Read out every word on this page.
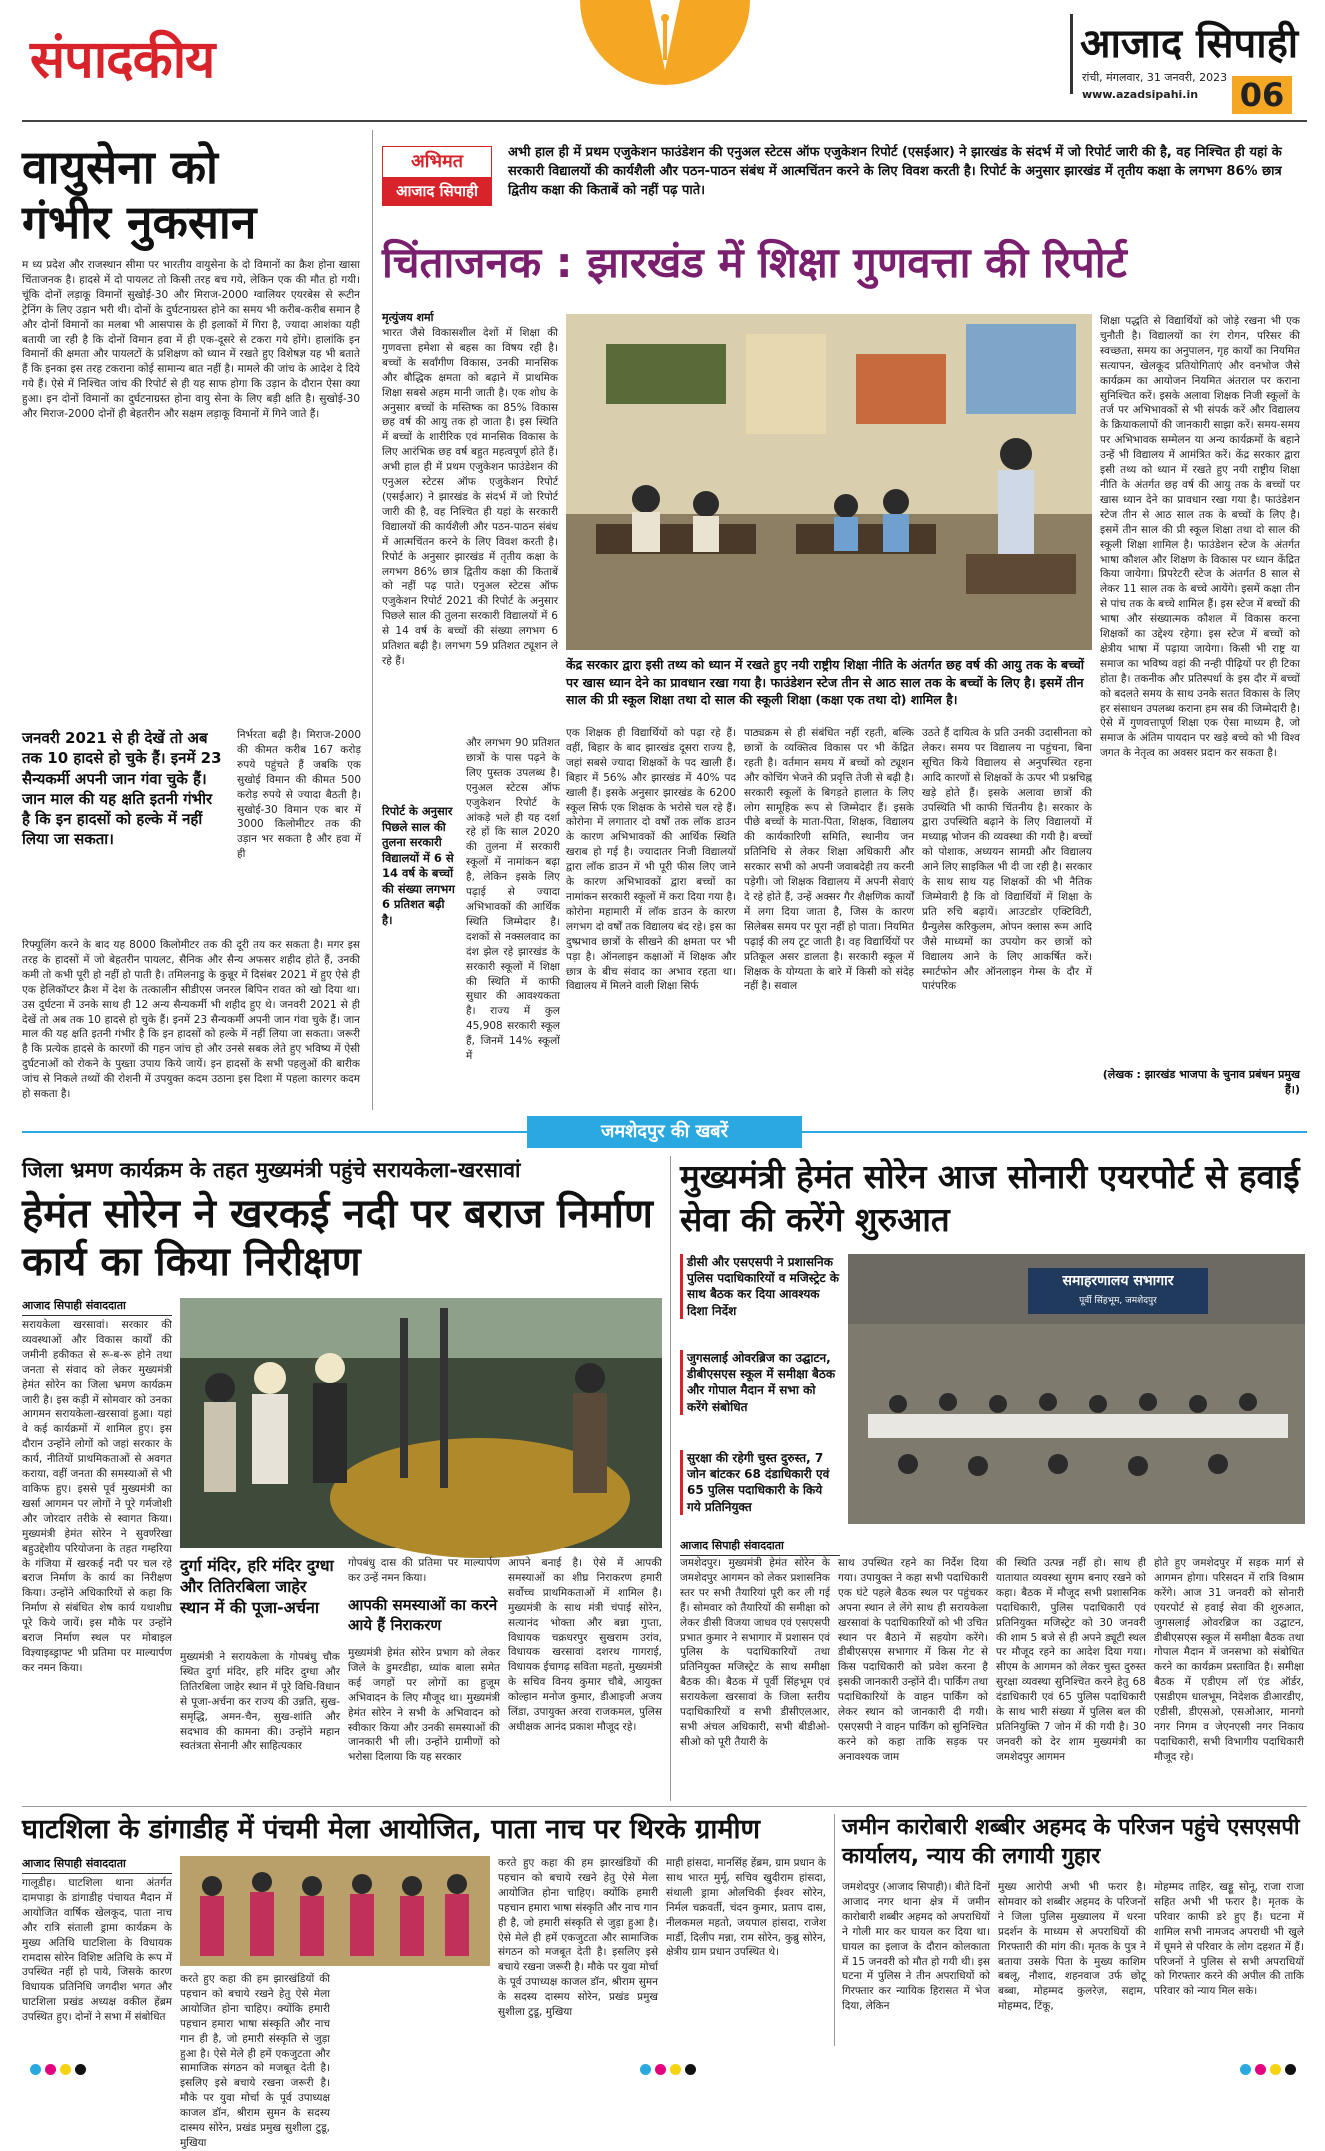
संपादकीय	आजाद सिपाही
रांची, मंगलवार, 31 जनवरी, 2023
www.azadsipahi.in 06
वायुसेना को गंभीर नुकसान
म ध्य प्रदेश और राजस्थान सीमा पर भारतीय वायुसेना के दो विमानों का क्रैश होना खासा चिंताजनक है। हादसे में दो पायलट तो किसी तरह बच गये, लेकिन एक की मौत हो गयी। चूंकि दोनों लड़ाकू विमानों सुखोई-30 और मिराज-2000 ग्वालियर एयरबेस से रूटीन ट्रेनिंग के लिए उड़ान भरी थी। दोनों के दुर्घटनाग्रस्त होने का समय भी करीब-करीब समान है और दोनों विमानों का मलबा भी आसपास के ही इलाकों में गिरा है, ज्यादा आशंका यही बतायी जा रही है कि दोनों विमान हवा में ही एक-दूसरे से टकरा गये होंगे। हालांकि इन विमानों की क्षमता और पायलटों के प्रशिक्षण को ध्यान में रखते हुए विशेषज्ञ यह भी बताते हैं कि इनका इस तरह टकराना कोई सामान्य बात नहीं है। मामले की जांच के आदेश दे दिये गये हैं। ऐसे में निश्चित जांच की रिपोर्ट से ही यह साफ होगा कि उड़ान के दौरान ऐसा क्या हुआ। इन दोनों विमानों का दुर्घटनाग्रस्त होना वायु सेना के लिए बड़ी क्षति है। सुखोई-30 और मिराज-2000 दोनों ही बेहतरीन और सक्षम लड़ाकू विमानों में गिने जाते हैं।
जनवरी 2021 से ही देखें तो अब तक 10 हादसे हो चुके हैं। इनमें 23 सैन्यकर्मी अपनी जान गंवा चुके हैं। जान माल की यह क्षति इतनी गंभीर है कि इन हादसों को हल्के में नहीं लिया जा सकता।
निर्भरता बढ़ी है। मिराज-2000 की कीमत करीब 167 करोड़ रुपये पहुंचते हैं जबकि एक सुखोई विमान की कीमत 500 करोड़ रुपये से ज्यादा बैठती है। सुखोई-30 विमान एक बार में 3000 किलोमीटर तक की उड़ान भर सकता है और हवा में ही
रिफ्यूलिंग करने के बाद यह 8000 किलोमीटर तक की दूरी तय कर सकता है। मगर इस तरह के हादसों में जो बेहतरीन पायलट, सैनिक और सैन्य अफसर शहीद होते हैं, उनकी कमी तो कभी पूरी हो नहीं हो पाती है। तमिलनाडु के कुन्नूर में दिसंबर 2021 में हुए ऐसे ही एक हेलिकॉप्टर क्रैश में देश के तत्कालीन सीडीएस जनरल बिपिन रावत को खो दिया था। उस दुर्घटना में उनके साथ ही 12 अन्य सैन्यकर्मी भी शहीद हुए थे। जनवरी 2021 से ही देखें तो अब तक 10 हादसे हो चुके हैं। इनमें 23 सैन्यकर्मी अपनी जान गंवा चुके हैं। जान माल की यह क्षति इतनी गंभीर है कि इन हादसों को हल्के में नहीं लिया जा सकता। जरूरी है कि प्रत्येक हादसे के कारणों की गहन जांच हो और उनसे सबक लेते हुए भविष्य में ऐसी दुर्घटनाओं को रोकने के पुख्ता उपाय किये जायें। इन हादसों के सभी पहलुओं की बारीक जांच से निकले तथ्यों की रोशनी में उपयुक्त कदम उठाना इस दिशा में पहला कारगर कदम हो सकता है।
अभिमत
आजाद सिपाही
अभी हाल ही में प्रथम एजुकेशन फाउंडेशन की एनुअल स्टेटस ऑफ एजुकेशन रिपोर्ट (एसईआर) ने झारखंड के संदर्भ में जो रिपोर्ट जारी की है, वह निश्चित ही यहां के सरकारी विद्यालयों की कार्यशैली और पठन-पाठन संबंध में आत्मचिंतन करने के लिए विवश करती है। रिपोर्ट के अनुसार झारखंड में तृतीय कक्षा के लगभग 86% छात्र द्वितीय कक्षा की किताबें को नहीं पढ़ पाते।
चिंताजनक : झारखंड में शिक्षा गुणवत्ता की रिपोर्ट
मृत्युंजय शर्मा
भारत जैसे विकासशील देशों में शिक्षा की गुणवत्ता हमेशा से बहस का विषय रही है। बच्चों के सर्वांगीण विकास, उनकी मानसिक और बौद्धिक क्षमता को बढ़ाने में प्राथमिक शिक्षा सबसे अहम मानी जाती है। एक शोध के अनुसार बच्चों के मस्तिष्क का 85% विकास छह वर्ष की आयु तक हो जाता है। इस स्थिति में बच्चों के शारीरिक एवं मानसिक विकास के लिए आरंभिक छह वर्ष बहुत महत्वपूर्ण होते हैं। अभी हाल ही में प्रथम एजुकेशन फाउंडेशन की एनुअल स्टेटस ऑफ एजुकेशन रिपोर्ट (एसईआर) ने झारखंड के संदर्भ में जो रिपोर्ट जारी की है, वह निश्चित ही यहां के सरकारी विद्यालयों की कार्यशैली और पठन-पाठन संबंध में आत्मचिंतन करने के लिए विवश करती है। रिपोर्ट के अनुसार झारखंड में तृतीय कक्षा के लगभग 86% छात्र द्वितीय कक्षा की किताबें को नहीं पढ़ पाते। एनुअल स्टेटस ऑफ एजुकेशन रिपोर्ट 2021 की रिपोर्ट के अनुसार पिछले साल की तुलना सरकारी विद्यालयों में 6 से 14 वर्ष के बच्चों की संख्या लगभग 6 प्रतिशत बढ़ी है। लगभग 59 प्रतिशत ट्यूशन ले रहे हैं।	केंद्र सरकार द्वारा इसी तथ्य को ध्यान में रखते हुए नयी राष्ट्रीय शिक्षा नीति के अंतर्गत छह वर्ष की आयु तक के बच्चों पर खास ध्यान देने का प्रावधान रखा गया है। फाउंडेशन स्टेज तीन से आठ साल तक के बच्चों के लिए है। इसमें तीन साल की प्री स्कूल शिक्षा तथा दो साल की स्कूली शिक्षा (कक्षा एक तथा दो) शामिल है।
शिक्षा पद्धति से विद्यार्थियों को जोड़े रखना भी एक चुनौती है। विद्यालयों का रंग रोगन, परिसर की स्वच्छता, समय का अनुपालन, गृह कार्यों का नियमित सत्यापन, खेलकूद प्रतियोगिताएं और वनभोज जैसे कार्यक्रम का आयोजन नियमित अंतराल पर कराना सुनिश्चित करें। इसके अलावा शिक्षक निजी स्कूलों के तर्ज पर अभिभावकों से भी संपर्क करें और विद्यालय के क्रियाकलापों की जानकारी साझा करें। समय-समय पर अभिभावक सम्मेलन या अन्य कार्यक्रमों के बहाने उन्हें भी विद्यालय में आमंत्रित करें। केंद्र सरकार द्वारा इसी तथ्य को ध्यान में रखते हुए नयी राष्ट्रीय शिक्षा नीति के अंतर्गत छह वर्ष की आयु तक के बच्चों पर खास ध्यान देने का प्रावधान रखा गया है। फाउंडेशन स्टेज तीन से आठ साल तक के बच्चों के लिए है। इसमें तीन साल की प्री स्कूल शिक्षा तथा दो साल की स्कूली शिक्षा शामिल है। फाउंडेशन स्टेज के अंतर्गत भाषा कौशल और शिक्षण के विकास पर ध्यान केंद्रित किया जायेगा। प्रिपरेटरी स्टेज के अंतर्गत 8 साल से लेकर 11 साल तक के बच्चे आयेंगे। इसमें कक्षा तीन से पांच तक के बच्चे शामिल हैं। इस स्टेज में बच्चों की भाषा और संख्यात्मक कौशल में विकास करना शिक्षकों का उद्देश्य रहेगा। इस स्टेज में बच्चों को क्षेत्रीय भाषा में पढ़ाया जायेगा। किसी भी राष्ट्र या समाज का भविष्य वहां की नन्ही पीढ़ियों पर ही टिका होता है। तकनीक और प्रतिस्पर्धा के इस दौर में बच्चों को बदलते समय के साथ उनके सतत विकास के लिए हर संसाधन उपलब्ध कराना हम सब की जिम्मेदारी है। ऐसे में गुणवत्तापूर्ण शिक्षा एक ऐसा माध्यम है, जो समाज के अंतिम पायदान पर खड़े बच्चे को भी विश्व जगत के नेतृत्व का अवसर प्रदान कर सकता है।
(लेखक : झारखंड भाजपा के चुनाव प्रबंधन प्रमुख हैं।)
रिपोर्ट के अनुसार पिछले साल की तुलना सरकारी विद्यालयों में 6 से 14 वर्ष के बच्चों की संख्या लगभग 6 प्रतिशत बढ़ी है।
और लगभग 90 प्रतिशत छात्रों के पास पढ़ने के लिए पुस्तक उपलब्ध है। एनुअल स्टेटस ऑफ एजुकेशन रिपोर्ट के आंकड़े भले ही यह दर्शा रहे हों कि साल 2020 की तुलना में सरकारी स्कूलों में नामांकन बढ़ा है, लेकिन इसके लिए पढ़ाई से ज्यादा अभिभावकों की आर्थिक स्थिति जिम्मेदार है। दशकों से नक्सलवाद का दंश झेल रहे झारखंड के सरकारी स्कूलों में शिक्षा की स्थिति में काफी सुधार की आवश्यकता है। राज्य में कुल 45,908 सरकारी स्कूल हैं, जिनमें 14% स्कूलों में
एक शिक्षक ही विद्यार्थियों को पढ़ा रहे हैं। वहीं, बिहार के बाद झारखंड दूसरा राज्य है, जहां सबसे ज्यादा शिक्षकों के पद खाली हैं। बिहार में 56% और झारखंड में 40% पद खाली हैं। इसके अनुसार झारखंड के 6200 स्कूल सिर्फ एक शिक्षक के भरोसे चल रहे हैं। कोरोना में लगातार दो वर्षों तक लॉक डाउन के कारण अभिभावकों की आर्थिक स्थिति खराब हो गई है। ज्यादातर निजी विद्यालयों द्वारा लॉक डाउन में भी पूरी फीस लिए जाने के कारण अभिभावकों द्वारा बच्चों का नामांकन सरकारी स्कूलों में करा दिया गया है। कोरोना महामारी में लॉक डाउन के कारण लगभग दो वर्षों तक विद्यालय बंद रहे। इस का दुष्प्रभाव छात्रों के सीखने की क्षमता पर भी पड़ा है। ऑनलाइन कक्षाओं में शिक्षक और छात्र के बीच संवाद का अभाव रहता था। विद्यालय में मिलने वाली शिक्षा सिर्फ
पाठ्यक्रम से ही संबंधित नहीं रहती, बल्कि छात्रों के व्यक्तित्व विकास पर भी केंद्रित रहती है। वर्तमान समय में बच्चों को ट्यूशन और कोचिंग भेजने की प्रवृत्ति तेजी से बढ़ी है। सरकारी स्कूलों के बिगड़ते हालात के लिए लोग सामूहिक रूप से जिम्मेदार हैं। इसके पीछे बच्चों के माता-पिता, शिक्षक, विद्यालय की कार्यकारिणी समिति, स्थानीय जन प्रतिनिधि से लेकर शिक्षा अधिकारी और सरकार सभी को अपनी जवाबदेही तय करनी पड़ेगी। जो शिक्षक विद्यालय में अपनी सेवाएं दे रहे होते हैं, उन्हें अक्सर गैर शैक्षणिक कार्यों में लगा दिया जाता है, जिस के कारण सिलेबस समय पर पूरा नहीं हो पाता। नियमित पढ़ाई की लय टूट जाती है। वह विद्यार्थियों पर प्रतिकूल असर डालता है। सरकारी स्कूल में शिक्षक के योग्यता के बारे में किसी को संदेह नहीं है। सवाल
उठते हैं दायित्व के प्रति उनकी उदासीनता को लेकर। समय पर विद्यालय ना पहुंचना, बिना सूचित किये विद्यालय से अनुपस्थित रहना आदि कारणों से शिक्षकों के ऊपर भी प्रश्नचिह्न खड़े होते हैं। इसके अलावा छात्रों की उपस्थिति भी काफी चिंतनीय है। सरकार के द्वारा उपस्थिति बढ़ाने के लिए विद्यालयों में मध्याह्न भोजन की व्यवस्था की गयी है। बच्चों को पोशाक, अध्ययन सामग्री और विद्यालय आने लिए साइकिल भी दी जा रही है। सरकार के साथ साथ यह शिक्षकों की भी नैतिक जिम्मेवारी है कि वो विद्यार्थियों में शिक्षा के प्रति रुचि बढ़ायें। आउटडोर एक्टिविटी, ग्रैन्युलेस करिकुलम, ओपन क्लास रूम आदि जैसे माध्यमों का उपयोग कर छात्रों को विद्यालय आने के लिए आकर्षित करें। स्मार्टफोन और ऑनलाइन गेम्स के दौर में पारंपरिक
जमशेदपुर की खबरें
जिला भ्रमण कार्यक्रम के तहत मुख्यमंत्री पहुंचे सरायकेला-खरसावां
हेमंत सोरेन ने खरकई नदी पर बराज निर्माण कार्य का किया निरीक्षण
आजाद सिपाही संवाददाता
सरायकेला खरसावां। सरकार की व्यवस्थाओं और विकास कार्यों की जमीनी हकीकत से रू-ब-रू होने तथा जनता से संवाद को लेकर मुख्यमंत्री हेमंत सोरेन का जिला भ्रमण कार्यक्रम जारी है। इस कड़ी में सोमवार को उनका आगमन सरायकेला-खरसावां हुआ। यहां वे कई कार्यक्रमों में शामिल हुए। इस दौरान उन्होंने लोगों को जहां सरकार के कार्य, नीतियों प्राथमिकताओं से अवगत कराया, वहीं जनता की समस्याओं से भी वाकिफ हुए। इससे पूर्व मुख्यमंत्री का खर्सा आगमन पर लोगों ने पूरे गर्मजोशी और जोरदार तरीके से स्वागत किया। मुख्यमंत्री हेमंत सोरेन ने सुवर्णरेखा बहुउद्देशीय परियोजना के तहत गम्हरिया के गंजिया में खरकई नदी पर चल रहे बराज निर्माण के कार्य का निरीक्षण किया। उन्होंने अधिकारियों से कहा कि निर्माण से संबंधित शेष कार्य यथाशीघ्र पूरे किये जायें। इस मौके पर उन्होंने बराज निर्माण स्थल पर मोबाइल विज्ञ्याइब्ड्राफ्ट भी प्रतिमा पर माल्यार्पण कर नमन किया।
दुर्गा मंदिर, हरि मंदिर दुग्धा और तितिरबिला जाहेर स्थान में की पूजा-अर्चना
मुख्यमंत्री ने सरायकेला के गोपबंधु चौक स्थित दुर्गा मंदिर, हरि मंदिर दुग्धा और तितिरबिला जाहेर स्थान में पूरे विधि-विधान से पूजा-अर्चना कर राज्य की उन्नति, सुख-समृद्धि, अमन-चैन, सुख-शांति और सदभाव की कामना की। उन्होंने महान स्वतंत्रता सेनानी और साहित्यकार
गोपबंधु दास की प्रतिमा पर माल्यार्पण कर उन्हें नमन किया।
आपकी समस्याओं का करने आये हैं निराकरण
मुख्यमंत्री हेमंत सोरेन प्रभाग को लेकर जिले के डुमरडीहा, ध्यांक बाला समेत कई जगहों पर लोगों का हुजूम अभिवादन के लिए मौजूद था। मुख्यमंत्री हेमंत सोरेन ने सभी के अभिवादन को स्वीकार किया और उनकी समस्याओं की जानकारी भी ली। उन्होंने ग्रामीणों को भरोसा दिलाया कि यह सरकार
आपने बनाई है। ऐसे में आपकी समस्याओं का शीघ्र निराकरण हमारी सर्वोच्च प्राथमिकताओं में शामिल है। मुख्यमंत्री के साथ मंत्री चंपाई सोरेन, सत्यानंद भोक्ता और बन्ना गुप्ता, विधायक चक्रधरपुर सुखराम उरांव, विधायक खरसावां दशरथ गागराई, विधायक ईचागढ़ सविता महतो, मुख्यमंत्री के सचिव विनय कुमार चौबे, आयुक्त कोल्हान मनोज कुमार, डीआइजी अजय लिंडा, उपायुक्त अरवा राजकमल, पुलिस अधीक्षक आनंद प्रकाश मौजूद रहे।
मुख्यमंत्री हेमंत सोरेन आज सोनारी एयरपोर्ट से हवाई सेवा की करेंगे शुरुआत
डीसी और एसएसपी ने प्रशासनिक पुलिस पदाधिकारियों व मजिस्ट्रेट के साथ बैठक कर दिया आवश्यक दिशा निर्देश
जुगसलाई ओवरब्रिज का उद्घाटन, डीबीएसएस स्कूल में समीक्षा बैठक और गोपाल मैदान में सभा को करेंगे संबोधित
सुरक्षा की रहेगी चुस्त दुरुस्त, 7 जोन बांटकर 68 दंडाधिकारी एवं 65 पुलिस पदाधिकारी के किये गये प्रतिनियुक्त
समाहरणालय सभागार
पूर्वी सिंहभूम, जमशेदपुर
आजाद सिपाही संवाददाता
जमशेदपुर। मुख्यमंत्री हेमंत सोरेन के जमशेदपुर आगमन को लेकर प्रशासनिक स्तर पर सभी तैयारियां पूरी कर ली गई हैं। सोमवार को तैयारियों की समीक्षा को लेकर डीसी विजया जाधव एवं एसएसपी प्रभात कुमार ने सभागार में प्रशासन एवं पुलिस के पदाधिकारियों तथा प्रतिनियुक्त मजिस्ट्रेट के साथ समीक्षा बैठक की। बैठक में पूर्वी सिंहभूम एवं सरायकेला खरसावां के जिला स्तरीय पदाधिकारियों व सभी डीसीएलआर, सभी अंचल अधिकारी, सभी बीडीओ-सीओ को पूरी तैयारी के
साथ उपस्थित रहने का निर्देश दिया गया। उपायुक्त ने कहा सभी पदाधिकारी एक घंटे पहले बैठक स्थल पर पहुंचकर अपना स्थान ले लेंगे साथ ही सरायकेला खरसावां के पदाधिकारियों को भी उचित स्थान पर बैठाने में सहयोग करेंगे। डीबीएसएस सभागार में किस गेट से किस पदाधिकारी को प्रवेश करना है इसकी जानकारी उन्होंने दी। पार्किंग तथा पदाधिकारियों के वाहन पार्किंग को लेकर स्थान को जानकारी दी गयी। एसएसपी ने वाहन पार्किंग को सुनिश्चित करने को कहा ताकि सड़क पर अनावश्यक जाम
की स्थिति उत्पन्न नहीं हो। साथ ही यातायात व्यवस्था सुगम बनाए रखने को कहा। बैठक में मौजूद सभी प्रशासनिक पदाधिकारी, पुलिस पदाधिकारी एवं प्रतिनियुक्त मजिस्ट्रेट को 30 जनवरी की शाम 5 बजे से ही अपने ड्यूटी स्थल पर मौजूद रहने का आदेश दिया गया। सीएम के आगमन को लेकर चुस्त दुरुस्त सुरक्षा व्यवस्था सुनिश्चित करने हेतु 68 दंडाधिकारी एवं 65 पुलिस पदाधिकारी के साथ भारी संख्या में पुलिस बल की प्रतिनियुक्ति 7 जोन में की गयी है। 30 जनवरी को देर शाम मुख्यमंत्री का जमशेदपुर आगमन
होते हुए जमशेदपुर में सड़क मार्ग से आगमन होगा। परिसदन में रात्रि विश्राम करेंगे। आज 31 जनवरी को सोनारी एयरपोर्ट से हवाई सेवा की शुरुआत, जुगसलाई ओवरब्रिज का उद्घाटन, डीबीएसएस स्कूल में समीक्षा बैठक तथा गोपाल मैदान में जनसभा को संबोधित करने का कार्यक्रम प्रस्तावित है। समीक्षा बैठक में एडीएम लॉ एंड ऑर्डर, एसडीएम धालभूम, निदेशक डीआरडीए, एडीसी, डीएसओ, एसओआर, मानगो नगर निगम व जेएनएसी नगर निकाय पदाधिकारी, सभी विभागीय पदाधिकारी मौजूद रहे।
घाटशिला के डांगाडीह में पंचमी मेला आयोजित, पाता नाच पर थिरके ग्रामीण
आजाद सिपाही संवाददाता
गालूडीह। घाटशिला थाना अंतर्गत दामपाड़ा के डांगाडीह पंचायत मैदान में आयोजित वार्षिक खेलकूद, पाता नाच और रात्रि संताली ड्रामा कार्यक्रम के मुख्य अतिथि घाटशिला के विधायक रामदास सोरेन विशिष्ट अतिथि के रूप में उपस्थित नहीं हो पाये, जिसके कारण विधायक प्रतिनिधि जगदीश भगत और घाटशिला प्रखंड अध्यक्ष वकील हेंब्रम उपस्थित हुए। दोनों ने सभा में संबोधित
करते हुए कहा की हम झारखंडियों की पहचान को बचाये रखने हेतु ऐसे मेला आयोजित होना चाहिए। क्योंकि हमारी पहचान हमारा भाषा संस्कृति और नाच गान ही है, जो हमारी संस्कृति से जुड़ा हुआ है। ऐसे मेले ही हमें एकजुटता और सामाजिक संगठन को मजबूत देती है। इसलिए इसे बचाये रखना जरूरी है। मौके पर युवा मोर्चा के पूर्व उपाध्यक्ष काजल डॉन, श्रीराम सुमन के सदस्य दास्मय सोरेन, प्रखंड प्रमुख सुशीला टुडू, मुखिया
करते हुए कहा की हम झारखंडियों की पहचान को बचाये रखने हेतु ऐसे मेला आयोजित होना चाहिए। क्योंकि हमारी पहचान हमारा भाषा संस्कृति और नाच गान ही है, जो हमारी संस्कृति से जुड़ा हुआ है। ऐसे मेले ही हमें एकजुटता और सामाजिक संगठन को मजबूत देती है। इसलिए इसे बचाये रखना जरूरी है। मौके पर युवा मोर्चा के पूर्व उपाध्यक्ष काजल डॉन, श्रीराम सुमन के सदस्य दास्मय सोरेन, प्रखंड प्रमुख सुशीला टुडू, मुखिया
माही हांसदा, मानसिंह हेंब्रम, ग्राम प्रधान के साथ भारत मुर्मू, सचिव खुदीराम हांसदा, संथाली ड्रामा ओलचिकी ईश्वर सोरेन, निर्मल चक्रवर्ती, चंदन कुमार, प्रताप दास, नीलकमल महतो, जयपाल हांसदा, राजेश मार्डी, दिलीप मन्ना, राम सोरेन, कुब्रु सोरेन, क्षेत्रीय ग्राम प्रधान उपस्थित थे।
जमीन कारोबारी शब्बीर अहमद के परिजन पहुंचे एसएसपी कार्यालय, न्याय की लगायी गुहार
जमशेदपुर (आजाद सिपाही)। बीते दिनों आजाद नगर थाना क्षेत्र में जमीन कारोबारी शब्बीर अहमद को अपराधियों ने गोली मार कर घायल कर दिया था। घायल का इलाज के दौरान कोलकाता में 15 जनवरी को मौत हो गयी थी। इस घटना में पुलिस ने तीन अपराधियों को गिरफ्तार कर न्यायिक हिरासत में भेज दिया, लेकिन
मुख्य आरोपी अभी भी फरार है। सोमवार को शब्बीर अहमद के परिजनों ने जिला पुलिस मुख्यालय में धरना प्रदर्शन के माध्यम से अपराधियों की गिरफ्तारी की मांग की। मृतक के पुत्र ने बताया उसके पिता के मुख्य काशिम बबलू, नौशाद, शहनवाज उर्फ छोटू बब्बा, मोहम्मद कुलरेज़, सद्दाम, मोहम्मद, टिंकू,
मोहम्मद ताहिर, खड्डू सोनू, राजा राजा सहित अभी भी फरार है। मृतक के परिवार काफी डरे हुए हैं। घटना में शामिल सभी नामजद अपराधी भी खुले में घूमने से परिवार के लोग दहशत में हैं। परिजनों ने पुलिस से सभी अपराधियों को गिरफ्तार करने की अपील की ताकि परिवार को न्याय मिल सके।
